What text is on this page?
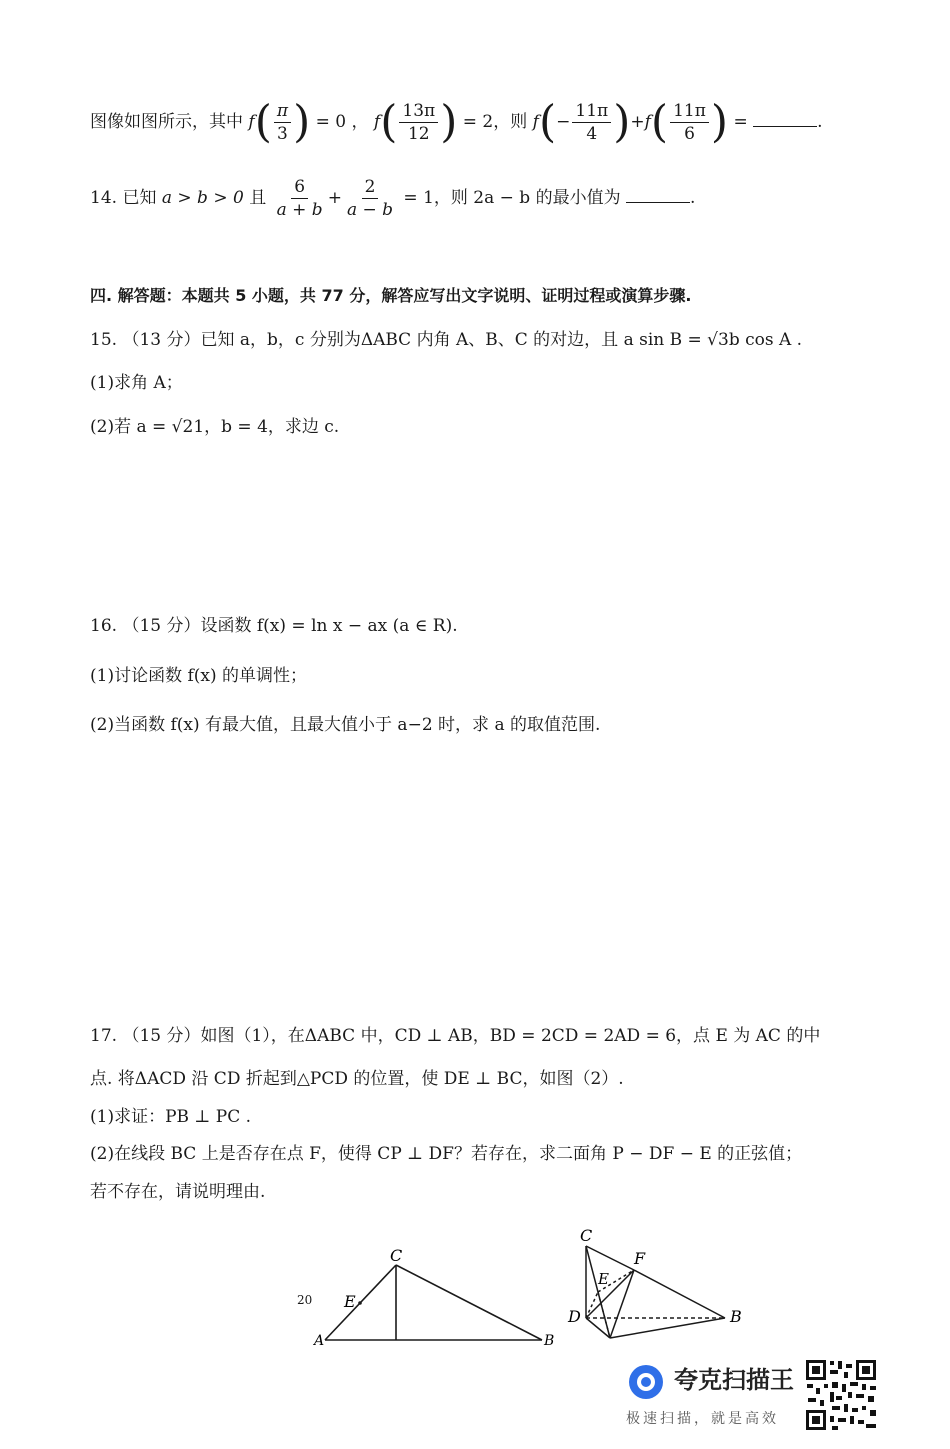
图像如图所示，其中 $f( \frac{\pi}{3}$ ) = 0 ， $f( \frac{13\pi}{12}$ ) = 2，则 $f(- \frac{11\pi}{4} )+f( \frac{11\pi}{6}$ ) =	.
14. 已知 a > b > 0 且 $\frac{6}{a + b} + \frac{2}{a - b} = 1$，则 2a − b 的最小值为	.
四. 解答题：本题共 5 小题，共 77 分，解答应写出文字说明、证明过程或演算步骤.
15. （13 分）已知 a，b，c 分别为ΔABC 内角 A、B、C 的对边，且 a sin B = √3b cos A .
(1)求角 A；
(2)若 a = √21，b = 4，求边 c.
16. （15 分）设函数 f(x) = ln x − ax (a ∈ R).
(1)讨论函数 f(x) 的单调性；
(2)当函数 f(x) 有最大值，且最大值小于 a−2 时，求 a 的取值范围.
17. （15 分）如图（1），在ΔABC 中，CD ⊥ AB，BD = 2CD = 2AD = 6，点 E 为 AC 的中
点. 将ΔACD 沿 CD 折起到△PCD 的位置，使 DE ⊥ BC，如图（2）.
(1)求证：PB ⊥ PC .
(2)在线段 BC 上是否存在点 F，使得 CP ⊥ DF？若存在，求二面角 P − DF − E 的正弦值；
若不存在，请说明理由.
20
C
E
A	B
C
F
E
D	B
夸克扫描王
极速扫描，就是高效
